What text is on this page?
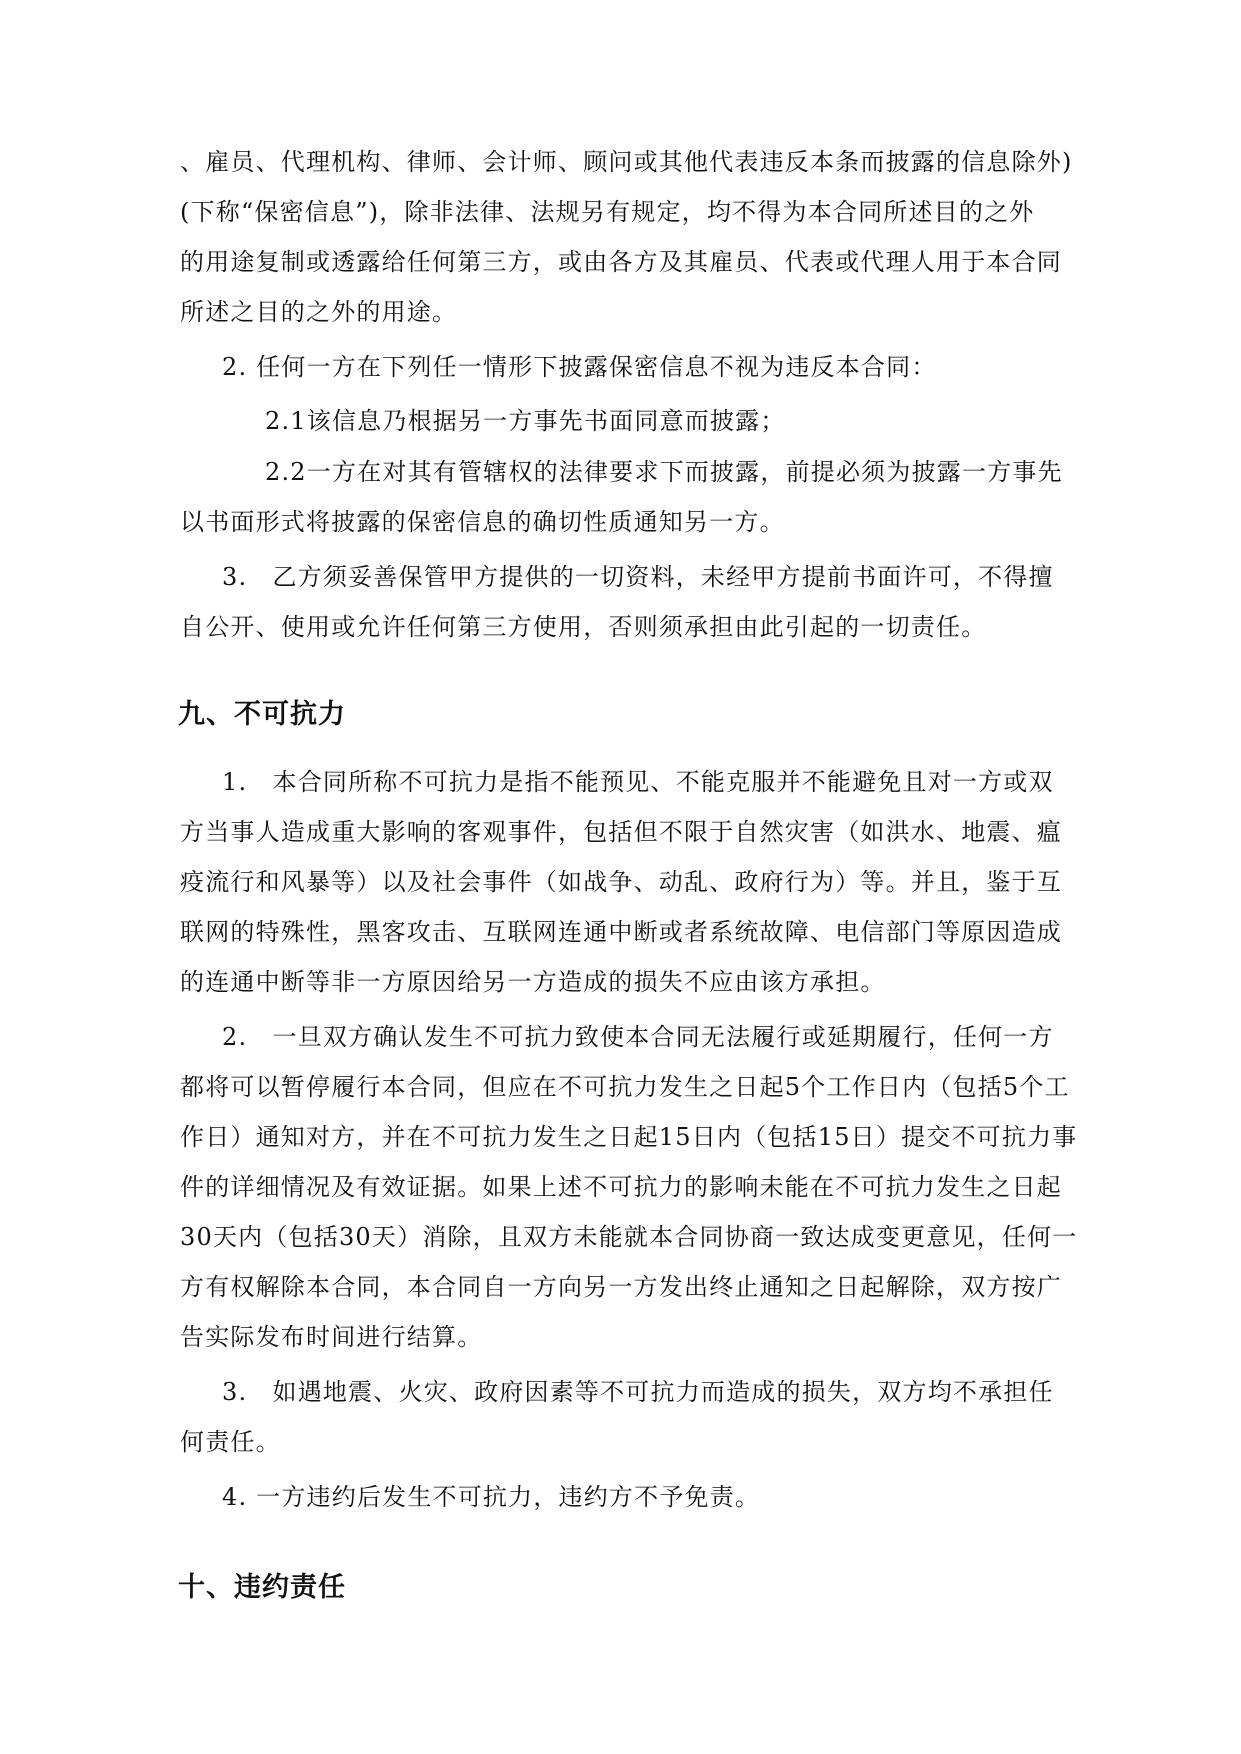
、雇员、代理机构、律师、会计师、顾问或其他代表违反本条而披露的信息除外)
(下称“保密信息”)，除非法律、法规另有规定，均不得为本合同所述目的之外
的用途复制或透露给任何第三方，或由各方及其雇员、代表或代理人用于本合同
所述之目的之外的用途。
2. 任何一方在下列任一情形下披露保密信息不视为违反本合同：
2.1该信息乃根据另一方事先书面同意而披露；
2.2一方在对其有管辖权的法律要求下而披露，前提必须为披露一方事先
以书面形式将披露的保密信息的确切性质通知另一方。
3.　乙方须妥善保管甲方提供的一切资料，未经甲方提前书面许可，不得擅
自公开、使用或允许任何第三方使用，否则须承担由此引起的一切责任。
九、不可抗力
1.　本合同所称不可抗力是指不能预见、不能克服并不能避免且对一方或双
方当事人造成重大影响的客观事件，包括但不限于自然灾害（如洪水、地震、瘟
疫流行和风暴等）以及社会事件（如战争、动乱、政府行为）等。并且，鉴于互
联网的特殊性，黑客攻击、互联网连通中断或者系统故障、电信部门等原因造成
的连通中断等非一方原因给另一方造成的损失不应由该方承担。
2.　一旦双方确认发生不可抗力致使本合同无法履行或延期履行，任何一方
都将可以暂停履行本合同，但应在不可抗力发生之日起5个工作日内（包括5个工
作日）通知对方，并在不可抗力发生之日起15日内（包括15日）提交不可抗力事
件的详细情况及有效证据。如果上述不可抗力的影响未能在不可抗力发生之日起
30天内（包括30天）消除，且双方未能就本合同协商一致达成变更意见，任何一
方有权解除本合同，本合同自一方向另一方发出终止通知之日起解除，双方按广
告实际发布时间进行结算。
3.　如遇地震、火灾、政府因素等不可抗力而造成的损失，双方均不承担任
何责任。
4. 一方违约后发生不可抗力，违约方不予免责。
十、违约责任
